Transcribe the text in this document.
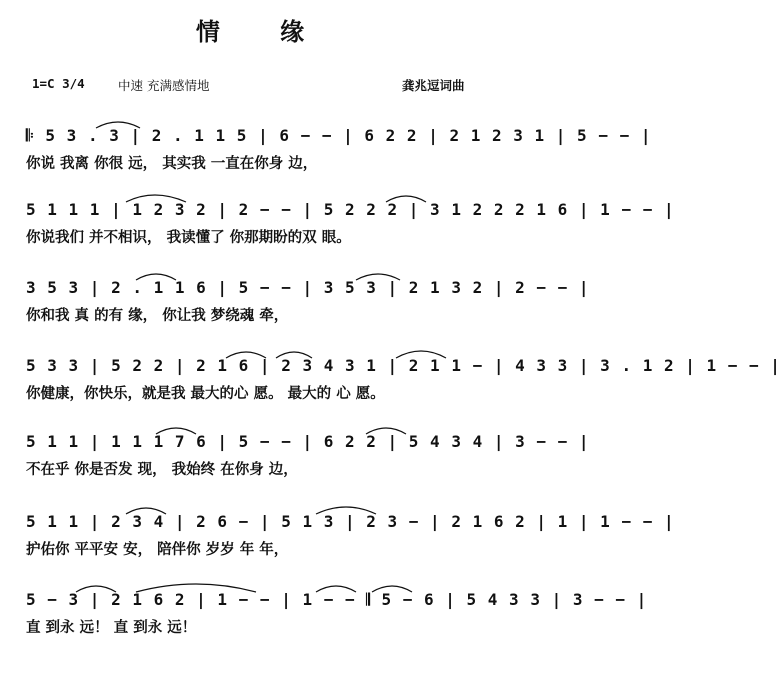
情 缘
1=C 3/4	中速 充满感情地	龚兆逗词曲
𝄆 5 3 . 3 | 2 . 1 1 5 | 6 − − | 6 2 2 | 2 1 2 3 1 | 5 − − |
你说 我离 你很 远， 其实我 一直在你身 边，
5 1 1 1 | 1 2 3 2 | 2 − − | 5 2 2 2 | 3 1 2 2 2 1 6 | 1 − − |
你说我们 并不相识， 我读懂了 你那期盼的双 眼。
3 5 3 | 2 . 1 1 6 | 5 − − | 3 5 3 | 2 1 3 2 | 2 − − |
你和我 真 的有 缘， 你让我 梦绕魂 牵，
5 3 3 | 5 2 2 | 2 1 6 | 2 3 4 3 1 | 2 1 1 − | 4 3 3 | 3 . 1 2 | 1 − − |
你健康，你快乐，就是我 最大的心 愿。 最大的 心 愿。
5 1 1 | 1 1 1 7 6 | 5 − − | 6 2 2 | 5 4 3 4 | 3 − − |
不在乎 你是否发 现， 我始终 在你身 边，
5 1 1 | 2 3 4 | 2 6 − | 5 1 3 | 2 3 − | 2 1 6 2 | 1 | 1 − − |
护佑你 平平安 安， 陪伴你 岁岁 年 年，
5 − 3 | 2 1 6 2 | 1 − − | 1 − − 𝄂 5 − 6 | 5 4 3 3 | 3 − − |
直 到永 远！ 直 到永 远！
